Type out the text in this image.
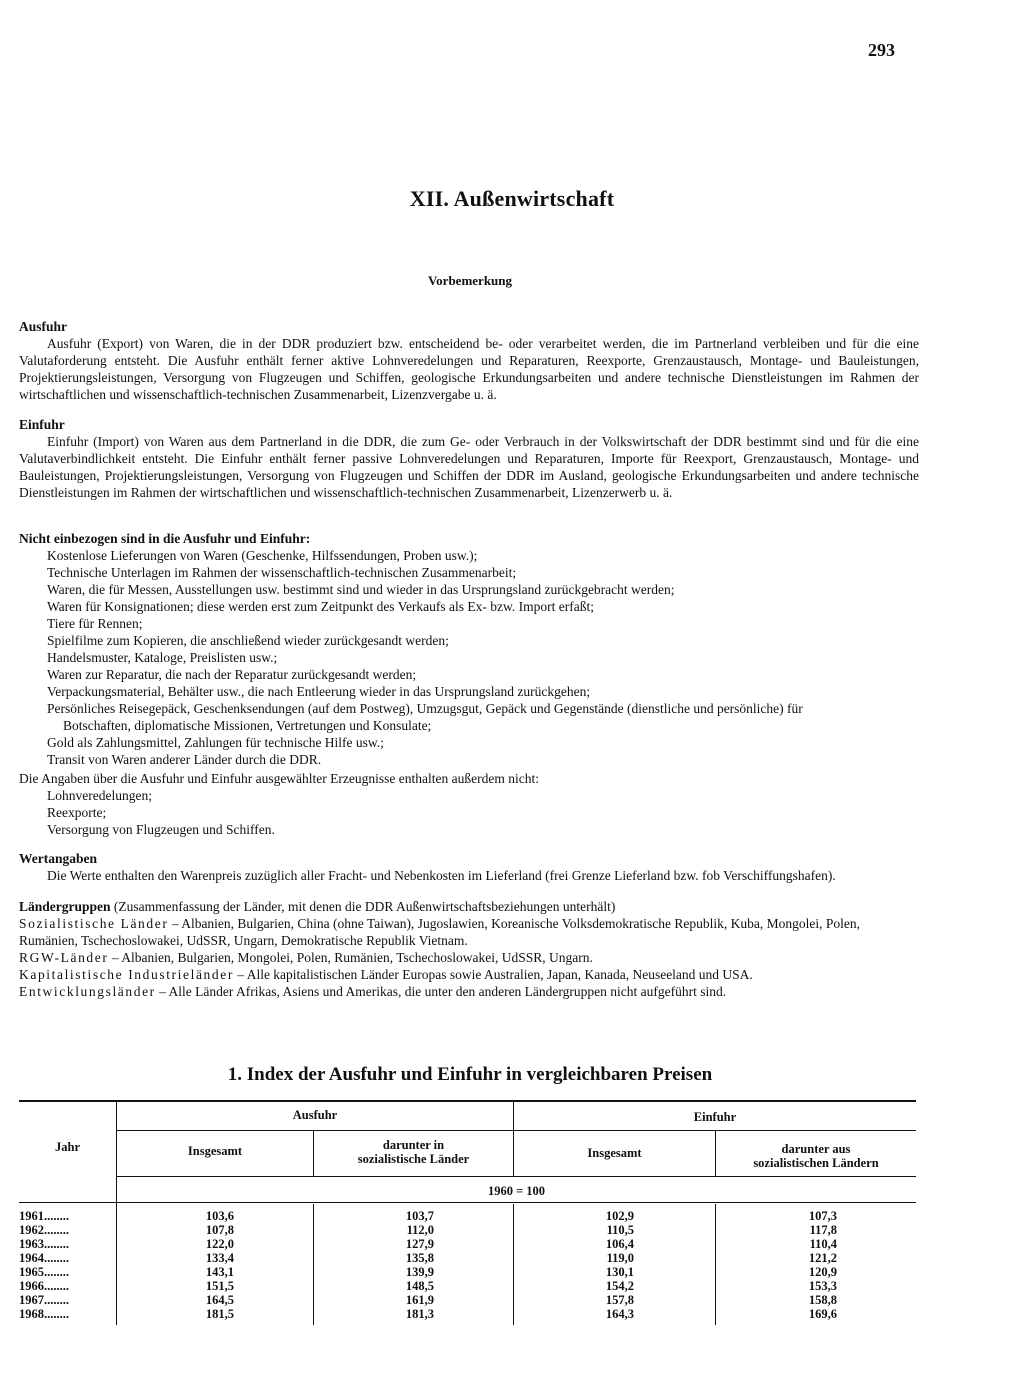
293
XII. Außenwirtschaft
Vorbemerkung
Ausfuhr
Ausfuhr (Export) von Waren, die in der DDR produziert bzw. entscheidend be- oder verarbeitet werden, die im Partnerland verbleiben und für die eine Valutaforderung entsteht. Die Ausfuhr enthält ferner aktive Lohnveredelungen und Reparaturen, Reexporte, Grenzaustausch, Montage- und Bauleistungen, Projektierungsleistungen, Versorgung von Flugzeugen und Schiffen, geologische Erkundungsarbeiten und andere technische Dienstleistungen im Rahmen der wirtschaftlichen und wissenschaftlich-technischen Zusammenarbeit, Lizenzvergabe u. ä.
Einfuhr
Einfuhr (Import) von Waren aus dem Partnerland in die DDR, die zum Ge- oder Verbrauch in der Volkswirtschaft der DDR bestimmt sind und für die eine Valutaverbindlichkeit entsteht. Die Einfuhr enthält ferner passive Lohnveredelungen und Reparaturen, Importe für Reexport, Grenzaustausch, Montage- und Bauleistungen, Projektierungsleistungen, Versorgung von Flugzeugen und Schiffen der DDR im Ausland, geologische Erkundungsarbeiten und andere technische Dienstleistungen im Rahmen der wirtschaftlichen und wissenschaftlich-technischen Zusammenarbeit, Lizenzerwerb u. ä.
Nicht einbezogen sind in die Ausfuhr und Einfuhr:
Kostenlose Lieferungen von Waren (Geschenke, Hilfssendungen, Proben usw.);
Technische Unterlagen im Rahmen der wissenschaftlich-technischen Zusammenarbeit;
Waren, die für Messen, Ausstellungen usw. bestimmt sind und wieder in das Ursprungsland zurückgebracht werden;
Waren für Konsignationen; diese werden erst zum Zeitpunkt des Verkaufs als Ex- bzw. Import erfaßt;
Tiere für Rennen;
Spielfilme zum Kopieren, die anschließend wieder zurückgesandt werden;
Handelsmuster, Kataloge, Preislisten usw.;
Waren zur Reparatur, die nach der Reparatur zurückgesandt werden;
Verpackungsmaterial, Behälter usw., die nach Entleerung wieder in das Ursprungsland zurückgehen;
Persönliches Reisegepäck, Geschenksendungen (auf dem Postweg), Umzugsgut, Gepäck und Gegenstände (dienstliche und persönliche) für
Botschaften, diplomatische Missionen, Vertretungen und Konsulate;
Gold als Zahlungsmittel, Zahlungen für technische Hilfe usw.;
Transit von Waren anderer Länder durch die DDR.
Die Angaben über die Ausfuhr und Einfuhr ausgewählter Erzeugnisse enthalten außerdem nicht:
Lohnveredelungen;
Reexporte;
Versorgung von Flugzeugen und Schiffen.
Wertangaben
Die Werte enthalten den Warenpreis zuzüglich aller Fracht- und Nebenkosten im Lieferland (frei Grenze Lieferland bzw. fob Verschiffungshafen).
Ländergruppen (Zusammenfassung der Länder, mit denen die DDR Außenwirtschaftsbeziehungen unterhält)
Sozialistische Länder – Albanien, Bulgarien, China (ohne Taiwan), Jugoslawien, Koreanische Volksdemokratische Republik, Kuba, Mongolei, Polen, Rumänien, Tschechoslowakei, UdSSR, Ungarn, Demokratische Republik Vietnam.
RGW-Länder – Albanien, Bulgarien, Mongolei, Polen, Rumänien, Tschechoslowakei, UdSSR, Ungarn.
Kapitalistische Industrieländer – Alle kapitalistischen Länder Europas sowie Australien, Japan, Kanada, Neuseeland und USA.
Entwicklungsländer – Alle Länder Afrikas, Asiens und Amerikas, die unter den anderen Ländergruppen nicht aufgeführt sind.
1. Index der Ausfuhr und Einfuhr in vergleichbaren Preisen
Jahr
Ausfuhr	Einfuhr
Insgesamt	darunter in
sozialistische Länder	Insgesamt	darunter aus
sozialistischen Ländern
1960 = 100
1961........	103,6	103,7	102,9	107,3
1962........	107,8	112,0	110,5	117,8
1963........	122,0	127,9	106,4	110,4
1964........	133,4	135,8	119,0	121,2
1965........	143,1	139,9	130,1	120,9
1966........	151,5	148,5	154,2	153,3
1967........	164,5	161,9	157,8	158,8
1968........	181,5	181,3	164,3	169,6
